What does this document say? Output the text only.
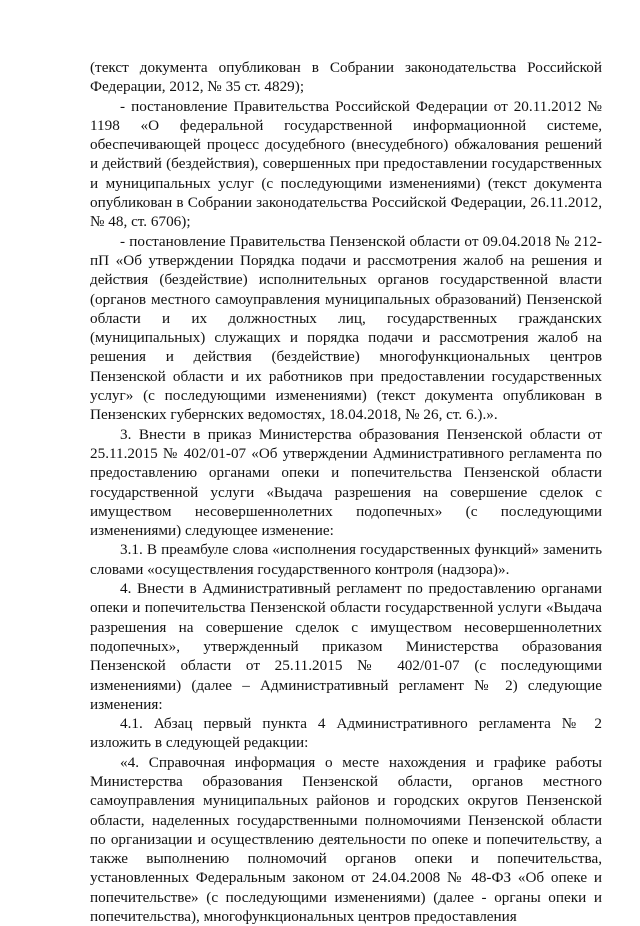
(текст документа опубликован в Собрании законодательства Российской Федерации, 2012, № 35 ст. 4829);

- постановление Правительства Российской Федерации от 20.11.2012 № 1198 «О федеральной государственной информационной системе, обеспечивающей процесс досудебного (внесудебного) обжалования решений и действий (бездействия), совершенных при предоставлении государственных и муниципальных услуг (с последующими изменениями) (текст документа опубликован в Собрании законодательства Российской Федерации, 26.11.2012, № 48, ст. 6706);

- постановление Правительства Пензенской области от 09.04.2018 № 212-пП «Об утверждении Порядка подачи и рассмотрения жалоб на решения и действия (бездействие) исполнительных органов государственной власти (органов местного самоуправления муниципальных образований) Пензенской области и их должностных лиц, государственных гражданских (муниципальных) служащих и порядка подачи и рассмотрения жалоб на решения и действия (бездействие) многофункциональных центров Пензенской области и их работников при предоставлении государственных услуг» (с последующими изменениями) (текст документа опубликован в Пензенских губернских ведомостях, 18.04.2018, № 26, ст. 6.).».

3. Внести в приказ Министерства образования Пензенской области от 25.11.2015 № 402/01-07 «Об утверждении Административного регламента по предоставлению органами опеки и попечительства Пензенской области государственной услуги «Выдача разрешения на совершение сделок с имуществом несовершеннолетних подопечных» (с последующими изменениями) следующее изменение:

3.1. В преамбуле слова «исполнения государственных функций» заменить словами «осуществления государственного контроля (надзора)».

4. Внести в Административный регламент по предоставлению органами опеки и попечительства Пензенской области государственной услуги «Выдача разрешения на совершение сделок с имуществом несовершеннолетних подопечных», утвержденный приказом Министерства образования Пензенской области от 25.11.2015 № 402/01-07 (с последующими изменениями) (далее – Административный регламент № 2) следующие изменения:

4.1. Абзац первый пункта 4 Административного регламента № 2 изложить в следующей редакции:

«4. Справочная информация о месте нахождения и графике работы Министерства образования Пензенской области, органов местного самоуправления муниципальных районов и городских округов Пензенской области, наделенных государственными полномочиями Пензенской области по организации и осуществлению деятельности по опеке и попечительству, а также выполнению полномочий органов опеки и попечительства, установленных Федеральным законом от 24.04.2008 № 48-ФЗ «Об опеке и попечительстве» (с последующими изменениями) (далее - органы опеки и попечительства), многофункциональных центров предоставления
